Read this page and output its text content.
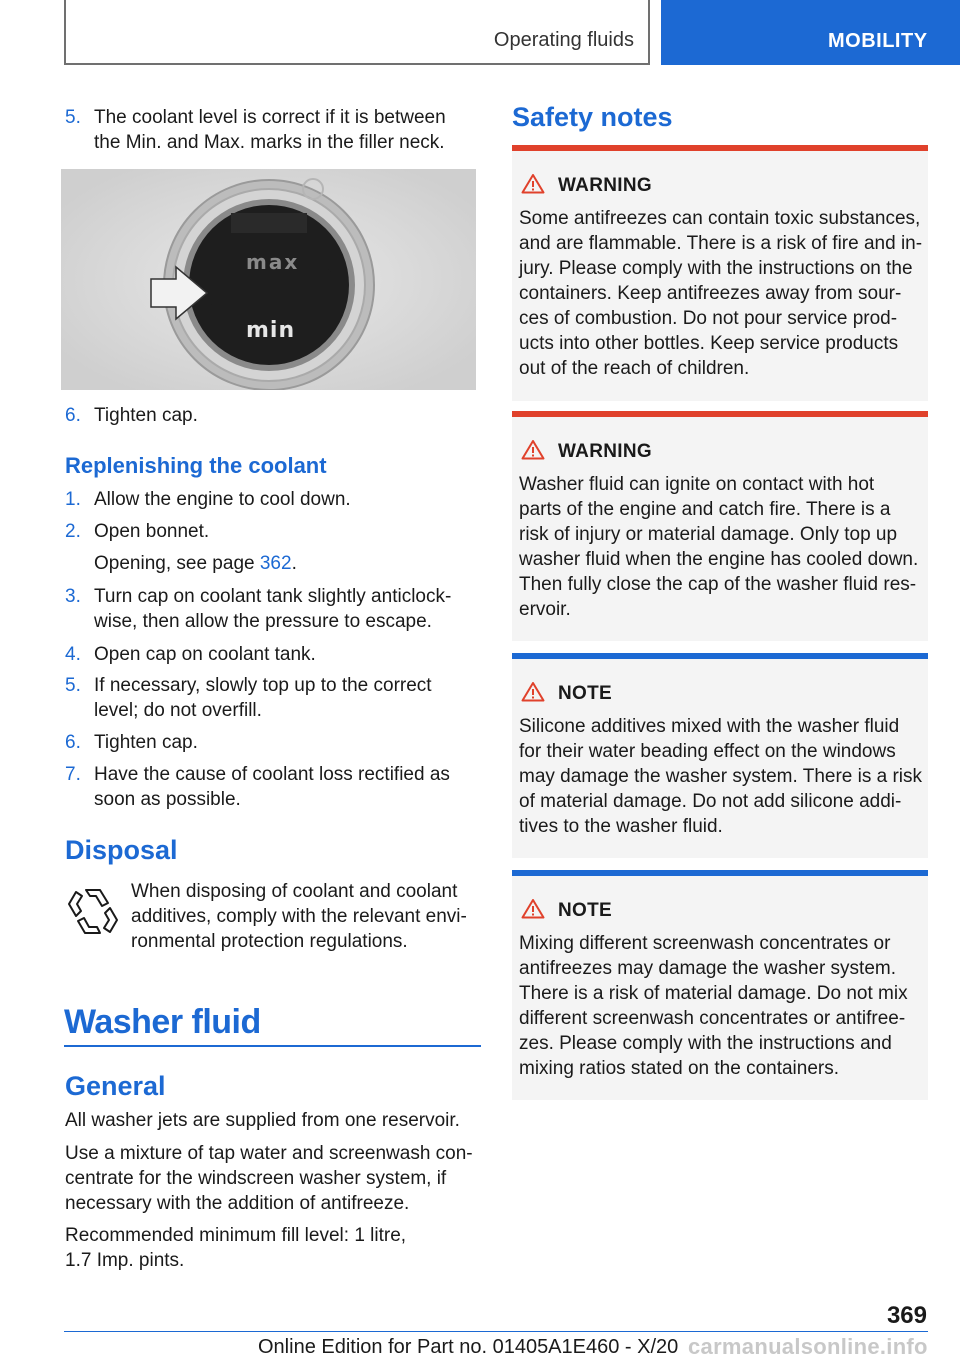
Operating fluids	MOBILITY
5. The coolant level is correct if it is between
the Min. and Max. marks in the filler neck.
max
min
6. Tighten cap.
Replenishing the coolant
1. Allow the engine to cool down.
2. Open bonnet.
Opening, see page 362.
3. Turn cap on coolant tank slightly anticlock-
wise, then allow the pressure to escape.
4. Open cap on coolant tank.
5. If necessary, slowly top up to the correct
level; do not overfill.
6. Tighten cap.
7. Have the cause of coolant loss rectified as
soon as possible.
Disposal
When disposing of coolant and coolant
additives, comply with the relevant envi-
ronmental protection regulations.
Washer fluid
General
All washer jets are supplied from one reservoir.
Use a mixture of tap water and screenwash con-
centrate for the windscreen washer system, if
necessary with the addition of antifreeze.
Recommended minimum fill level: 1 litre,
1.7 Imp. pints.
Safety notes
WARNING
Some antifreezes can contain toxic substances,
and are flammable. There is a risk of fire and in-
jury. Please comply with the instructions on the
containers. Keep antifreezes away from sour-
ces of combustion. Do not pour service prod-
ucts into other bottles. Keep service products
out of the reach of children.
WARNING
Washer fluid can ignite on contact with hot
parts of the engine and catch fire. There is a
risk of injury or material damage. Only top up
washer fluid when the engine has cooled down.
Then fully close the cap of the washer fluid res-
ervoir.
NOTE
Silicone additives mixed with the washer fluid
for their water beading effect on the windows
may damage the washer system. There is a risk
of material damage. Do not add silicone addi-
tives to the washer fluid.
NOTE
Mixing different screenwash concentrates or
antifreezes may damage the washer system.
There is a risk of material damage. Do not mix
different screenwash concentrates or antifree-
zes. Please comply with the instructions and
mixing ratios stated on the containers.
369
Online Edition for Part no. 01405A1E460 - X/20 carmanualsonline.info
